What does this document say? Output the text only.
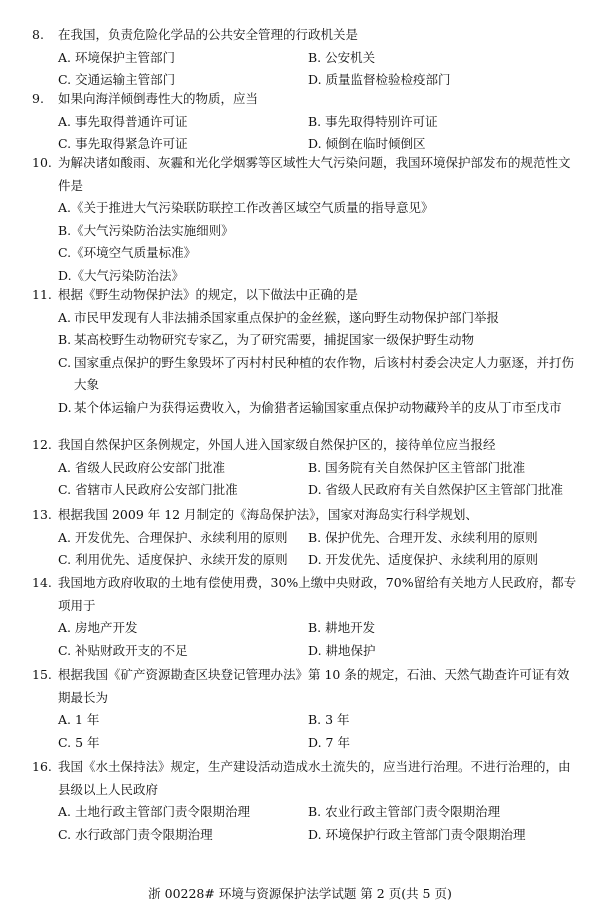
8.	在我国，负责危险化学品的公共安全管理的行政机关是
A. 环境保护主管部门	B. 公安机关
C. 交通运输主管部门	D. 质量监督检验检疫部门
9.	如果向海洋倾倒毒性大的物质，应当
A. 事先取得普通许可证	B. 事先取得特别许可证
C. 事先取得紧急许可证	D. 倾倒在临时倾倒区
10. 为解决诸如酸雨、灰霾和光化学烟雾等区域性大气污染问题，我国环境保护部发布的规范性文件是
A.《关于推进大气污染联防联控工作改善区域空气质量的指导意见》
B.《大气污染防治法实施细则》
C.《环境空气质量标准》
D.《大气污染防治法》
11. 根据《野生动物保护法》的规定，以下做法中正确的是
A. 市民甲发现有人非法捕杀国家重点保护的金丝猴，遂向野生动物保护部门举报
B. 某高校野生动物研究专家乙，为了研究需要，捕捉国家一级保护野生动物
C. 国家重点保护的野生象毁坏了丙村村民种植的农作物，后该村村委会决定人力驱逐，并打伤大象
D. 某个体运输户为获得运费收入，为偷猎者运输国家重点保护动物藏羚羊的皮从丁市至戊市
12. 我国自然保护区条例规定，外国人进入国家级自然保护区的，接待单位应当报经
A. 省级人民政府公安部门批准	B. 国务院有关自然保护区主管部门批准
C. 省辖市人民政府公安部门批准	D. 省级人民政府有关自然保护区主管部门批准
13. 根据我国 2009 年 12 月制定的《海岛保护法》，国家对海岛实行科学规划、
A. 开发优先、合理保护、永续利用的原则	B. 保护优先、合理开发、永续利用的原则
C. 利用优先、适度保护、永续开发的原则	D. 开发优先、适度保护、永续利用的原则
14. 我国地方政府收取的土地有偿使用费，30%上缴中央财政，70%留给有关地方人民政府，都专项用于
A. 房地产开发	B. 耕地开发
C. 补贴财政开支的不足	D. 耕地保护
15. 根据我国《矿产资源勘查区块登记管理办法》第 10 条的规定，石油、天然气勘查许可证有效期最长为
A. 1 年	B. 3 年
C. 5 年	D. 7 年
16. 我国《水土保持法》规定，生产建设活动造成水土流失的，应当进行治理。不进行治理的，由县级以上人民政府
A. 土地行政主管部门责令限期治理	B. 农业行政主管部门责令限期治理
C. 水行政部门责令限期治理	D. 环境保护行政主管部门责令限期治理
浙 00228# 环境与资源保护法学试题 第 2 页(共 5 页)
